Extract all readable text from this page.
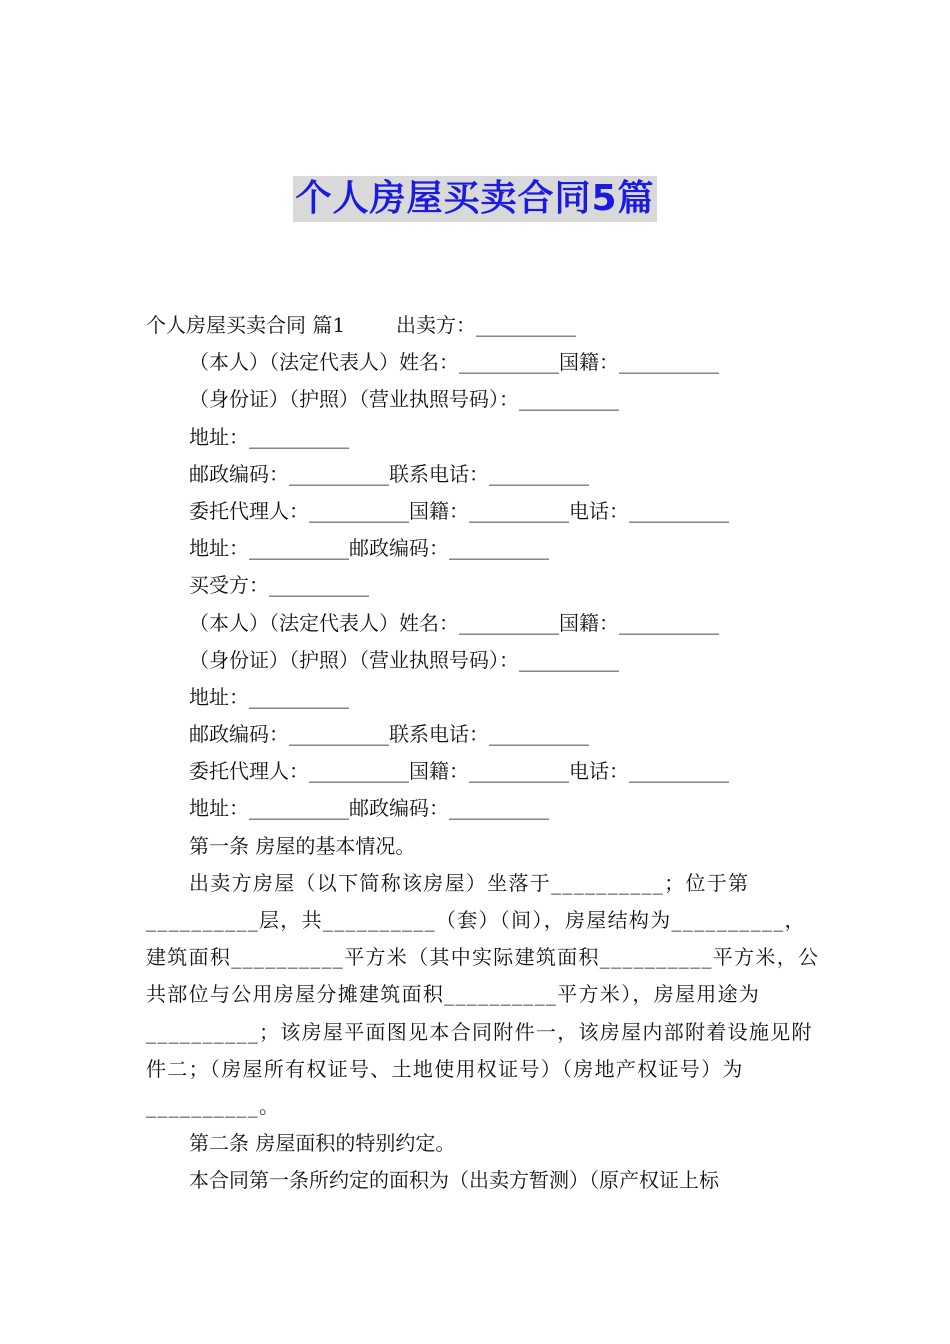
个人房屋买卖合同5篇
个人房屋买卖合同 篇1        出卖方：__________
（本人）（法定代表人）姓名：__________国籍：__________
（身份证）（护照）（营业执照号码）：__________
地址：__________
邮政编码：__________联系电话：__________
委托代理人：__________国籍：__________电话：__________
地址：__________邮政编码：__________
买受方：__________
（本人）（法定代表人）姓名：__________国籍：__________
（身份证）（护照）（营业执照号码）：__________
地址：__________
邮政编码：__________联系电话：__________
委托代理人：__________国籍：__________电话：__________
地址：__________邮政编码：__________
第一条 房屋的基本情况。

出卖方房屋（以下简称该房屋）坐落于__________；位于第__________层，共__________（套）（间），房屋结构为__________，建筑面积__________平方米（其中实际建筑面积__________平方米，公共部位与公用房屋分摊建筑面积__________平方米），房屋用途为__________；该房屋平面图见本合同附件一，该房屋内部附着设施见附件二；（房屋所有权证号、土地使用权证号）（房地产权证号）为__________。

第二条 房屋面积的特别约定。
本合同第一条所约定的面积为（出卖方暂测）（原产权证上标
